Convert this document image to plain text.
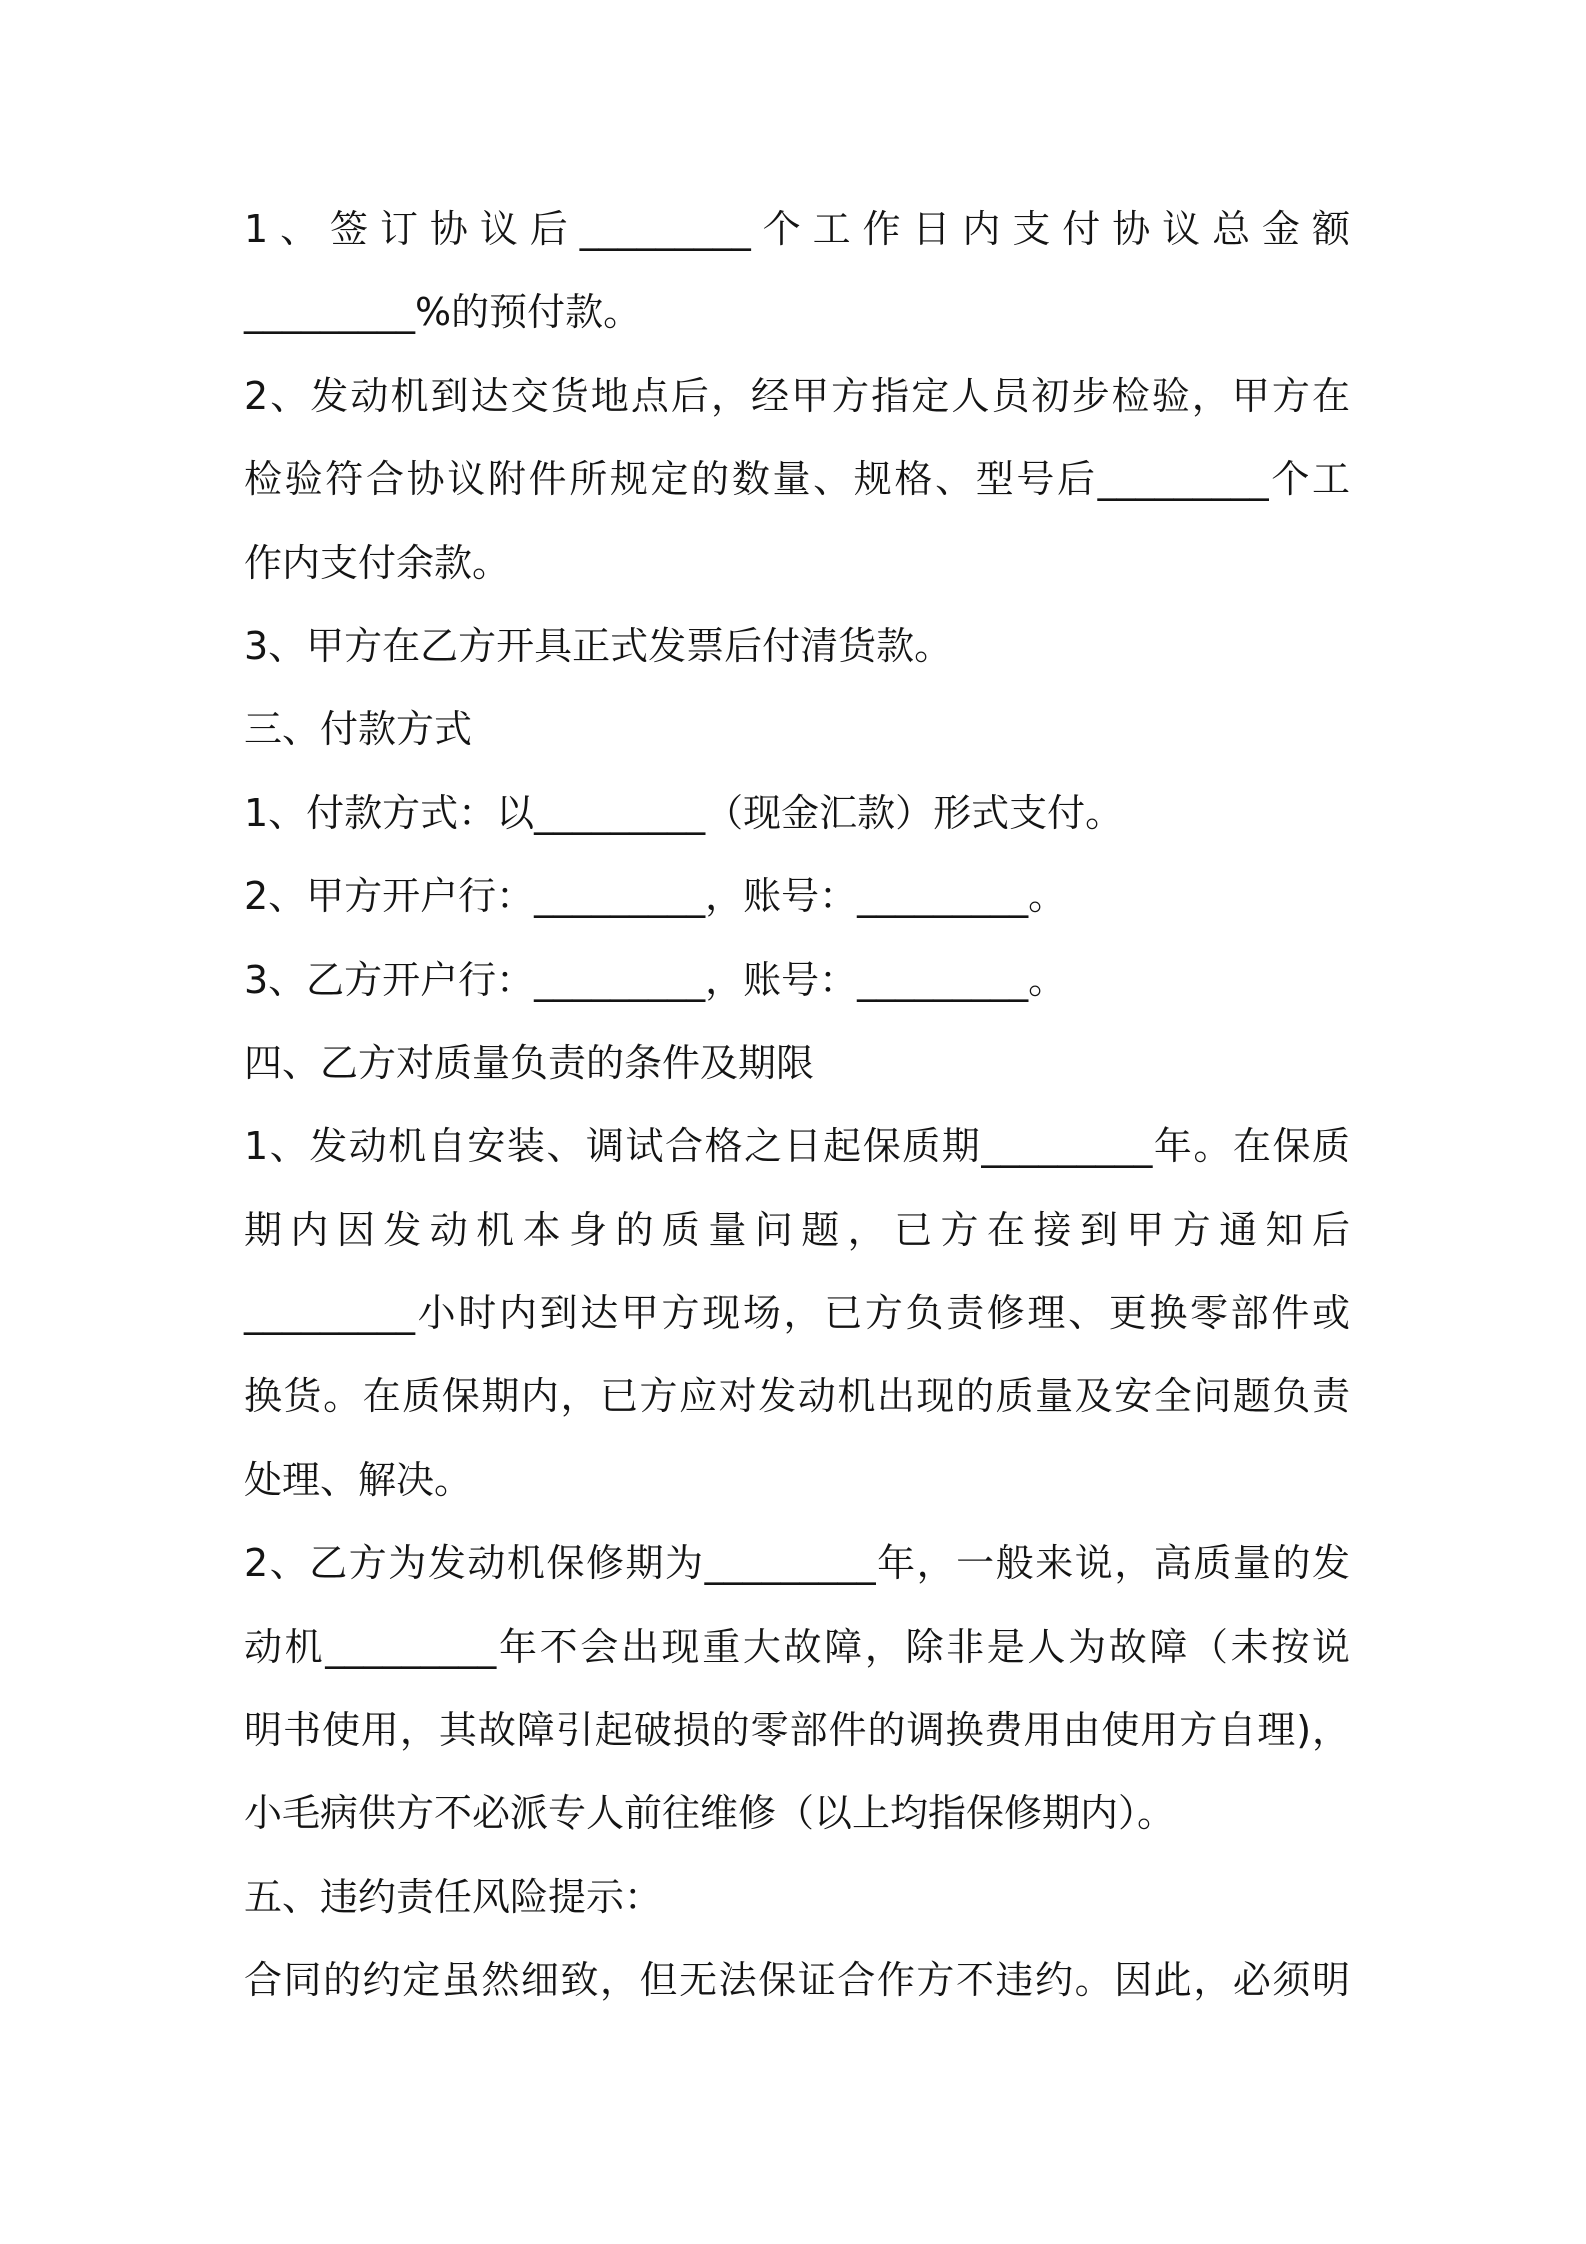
1、签订协议后_________个工作日内支付协议总金额
_________%的预付款。
2、发动机到达交货地点后，经甲方指定人员初步检验，甲方在
检验符合协议附件所规定的数量、规格、型号后_________个工
作内支付余款。
3、甲方在乙方开具正式发票后付清货款。
三、付款方式
1、付款方式：以_________（现金汇款）形式支付。
2、甲方开户行：_________，账号：_________。
3、乙方开户行：_________，账号：_________。
四、乙方对质量负责的条件及期限
1、发动机自安装、调试合格之日起保质期_________年。在保质
期内因发动机本身的质量问题，已方在接到甲方通知后
_________小时内到达甲方现场，已方负责修理、更换零部件或
换货。在质保期内，已方应对发动机出现的质量及安全问题负责
处理、解决。
2、乙方为发动机保修期为_________年，一般来说，高质量的发
动机_________年不会出现重大故障，除非是人为故障（未按说
明书使用，其故障引起破损的零部件的调换费用由使用方自理)，
小毛病供方不必派专人前往维修（以上均指保修期内）。
五、违约责任风险提示：
合同的约定虽然细致，但无法保证合作方不违约。因此，必须明
